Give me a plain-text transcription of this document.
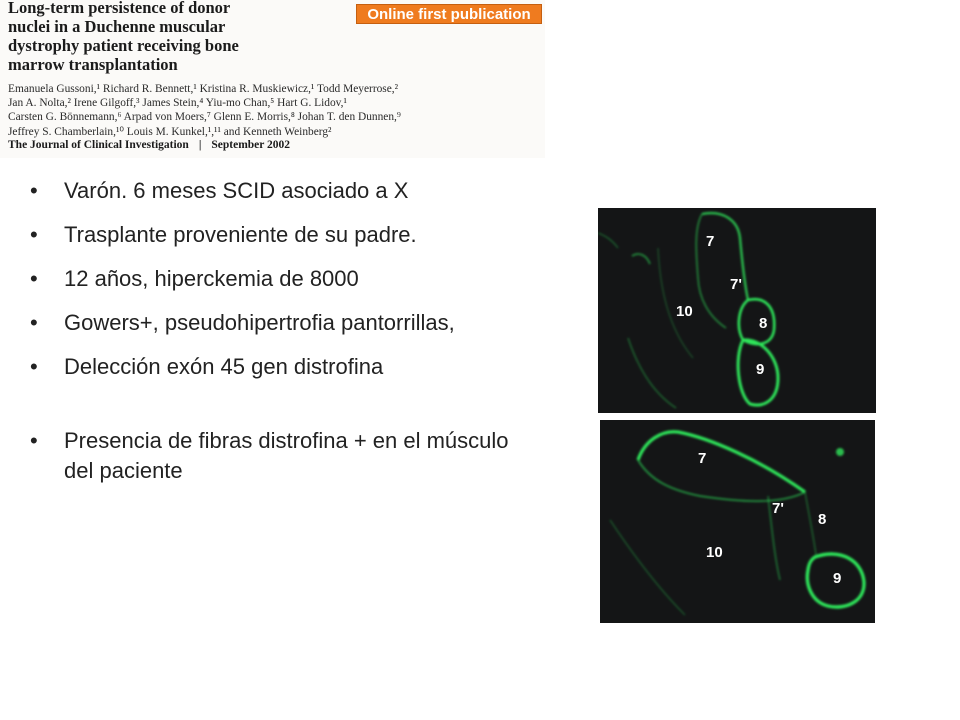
Long-term persistence of donor
nuclei in a Duchenne muscular
dystrophy patient receiving bone
marrow transplantation
Online first publication
Emanuela Gussoni,¹ Richard R. Bennett,¹ Kristina R. Muskiewicz,¹ Todd Meyerrose,²
Jan A. Nolta,² Irene Gilgoff,³ James Stein,⁴ Yiu-mo Chan,⁵ Hart G. Lidov,¹
Carsten G. Bönnemann,⁶ Arpad von Moers,⁷ Glenn E. Morris,⁸ Johan T. den Dunnen,⁹
Jeffrey S. Chamberlain,¹⁰ Louis M. Kunkel,¹,¹¹ and Kenneth Weinberg²
The Journal of Clinical Investigation | September 2002
• Varón. 6 meses SCID asociado a X
• Trasplante proveniente de su padre.
• 12 años, hiperckemia de 8000
• Gowers+, pseudohipertrofia pantorrillas,
• Delección exón 45 gen distrofina
• Presencia de fibras distrofina + en el músculo del paciente
7
7'
10
8
9
7
7'
8
10
9
